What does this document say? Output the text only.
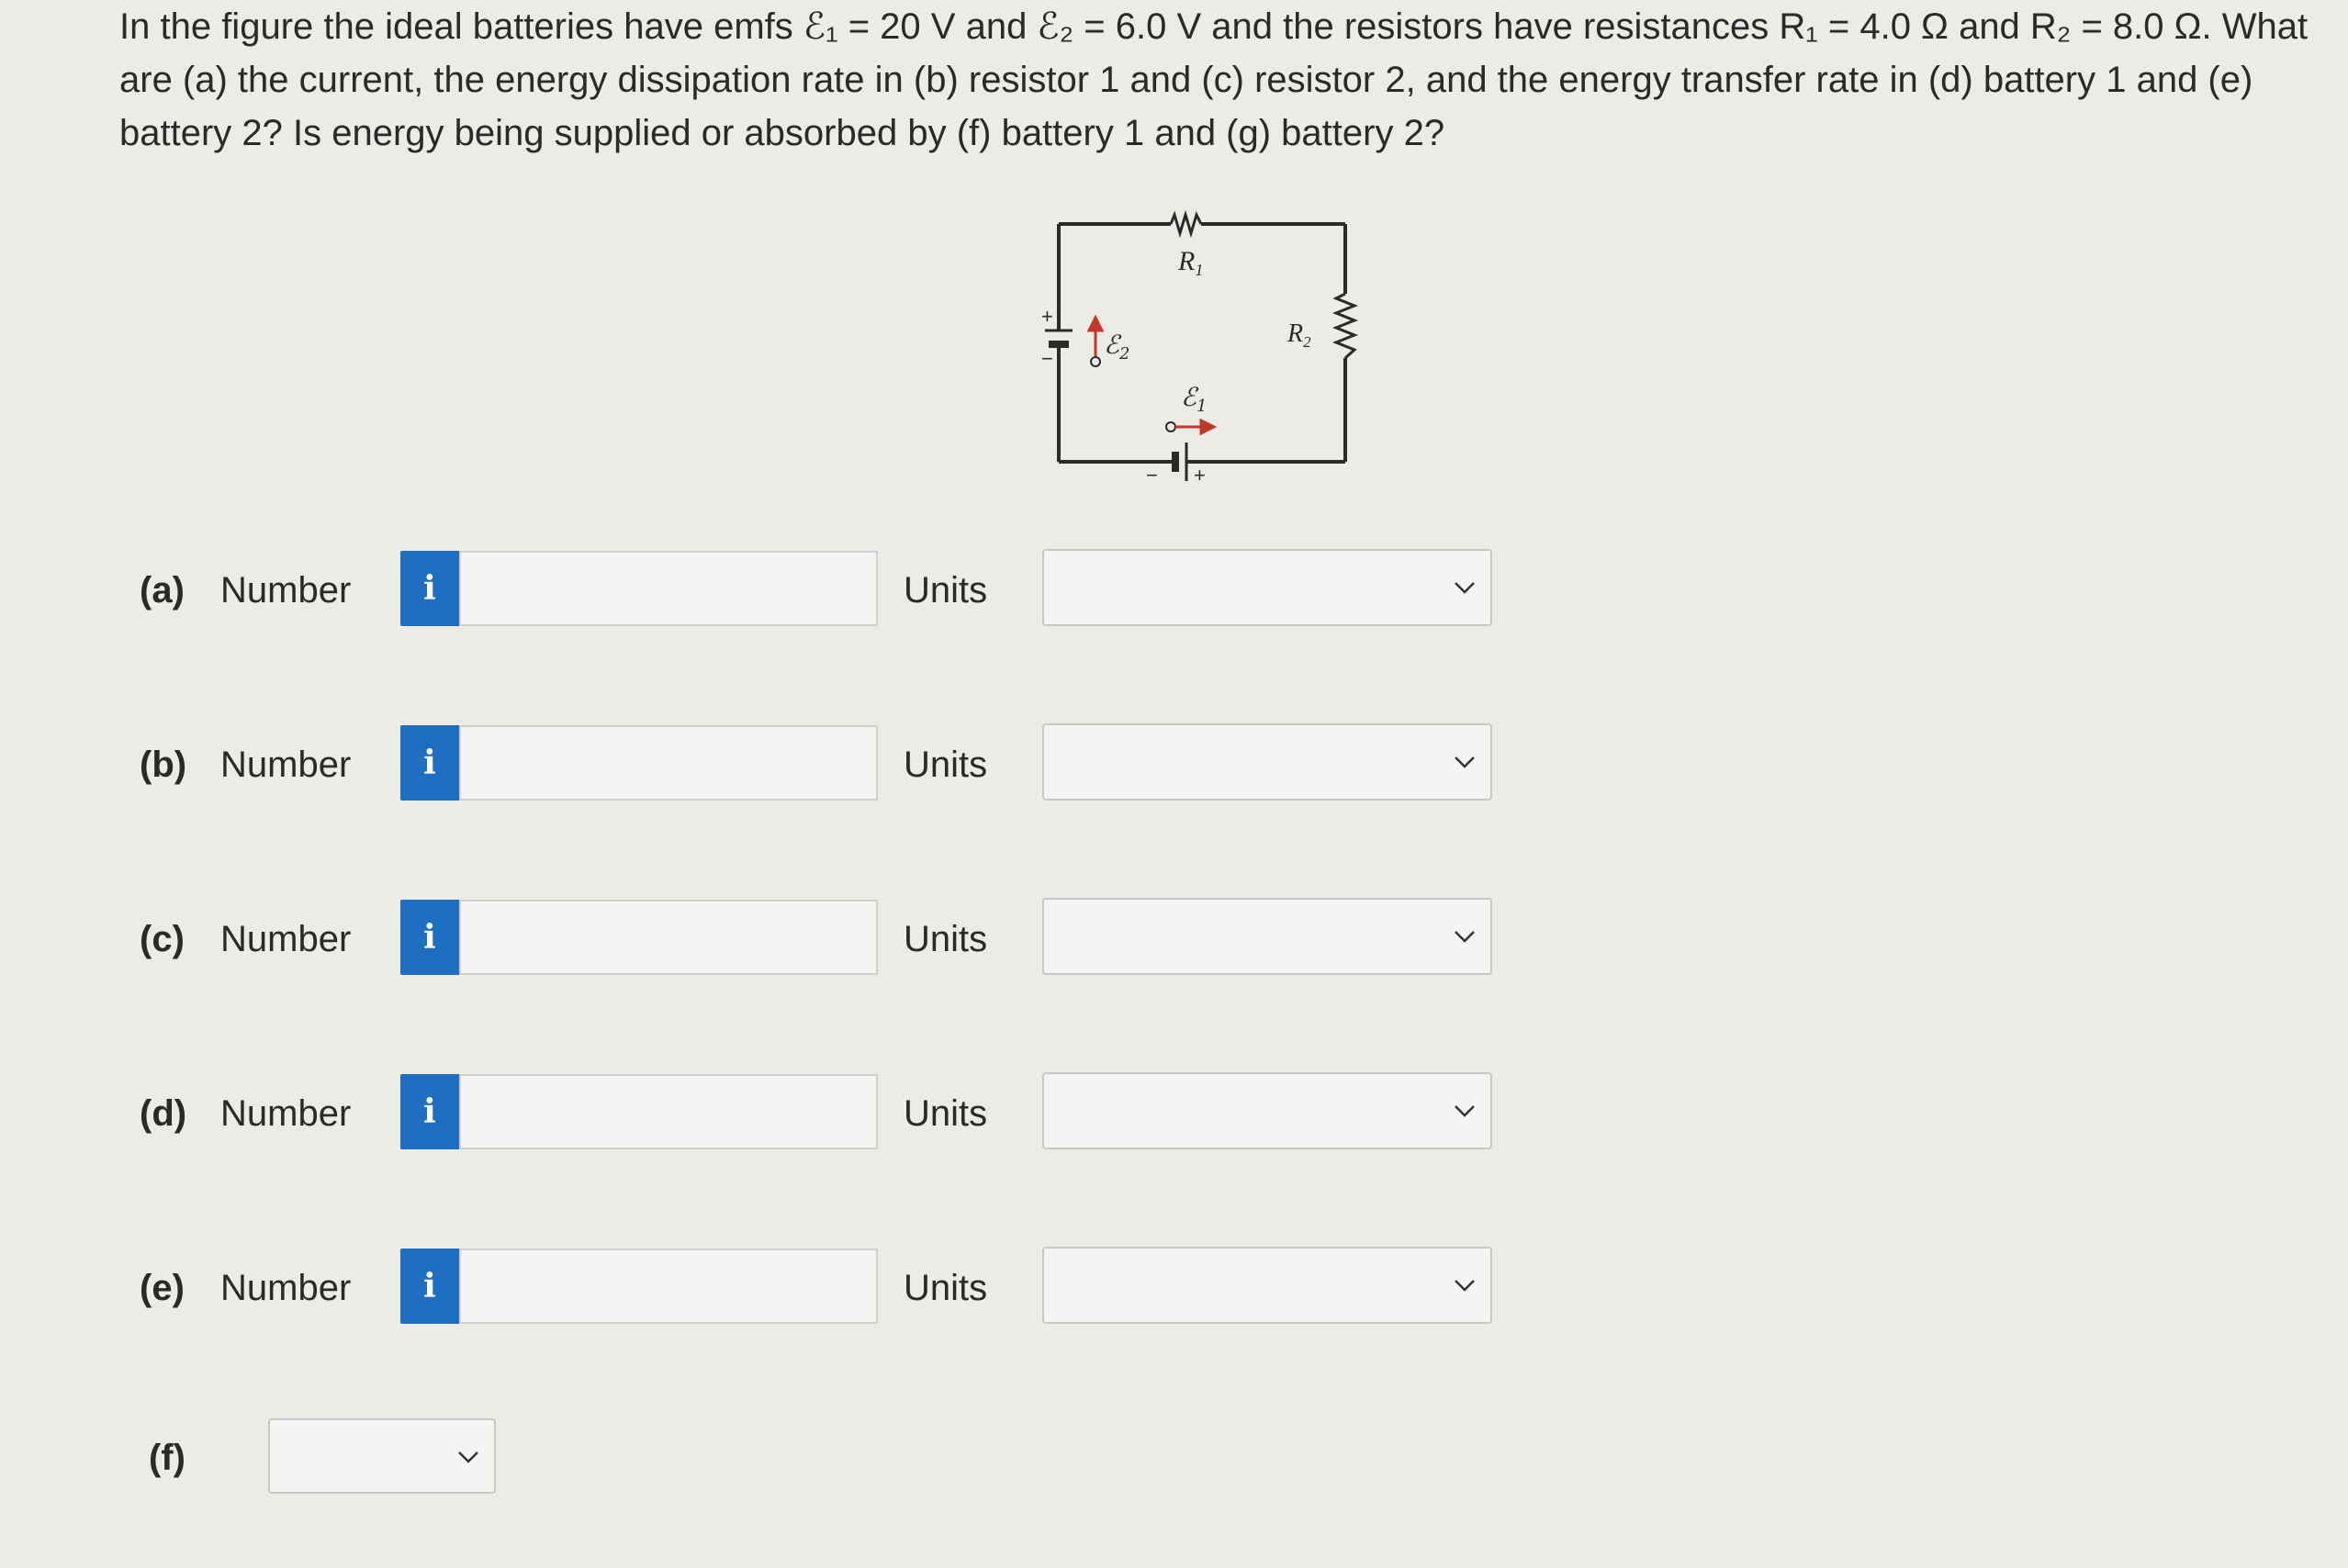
In the figure the ideal batteries have emfs ℰ₁ = 20 V and ℰ₂ = 6.0 V and the resistors have resistances R₁ = 4.0 Ω and R₂ = 8.0 Ω. What
are (a) the current, the energy dissipation rate in (b) resistor 1 and (c) resistor 2, and the energy transfer rate in (d) battery 1 and (e)
battery 2? Is energy being supplied or absorbed by (f) battery 1 and (g) battery 2?

$R_1$
$R_2$
+
− ℰ$_2$
− +
ℰ$_1$
(a) Number	i	Units
(b) Number	i	Units
(c) Number	i	Units
(d) Number	i	Units
(e) Number	i	Units
(f)
